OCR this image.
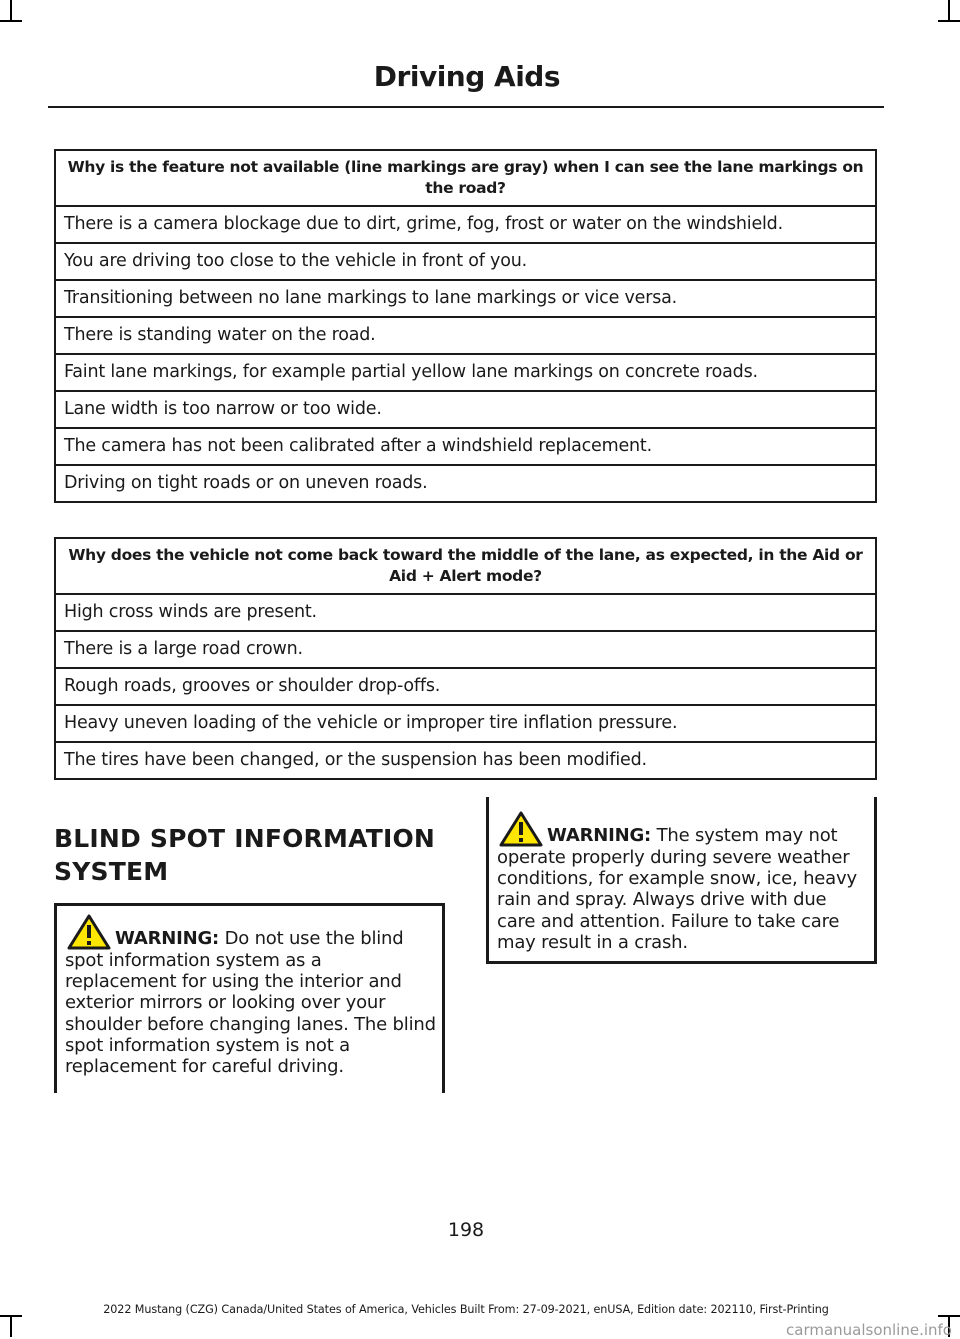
Driving Aids
Why is the feature not available (line markings are gray) when I can see the lane markings on the road?
There is a camera blockage due to dirt, grime, fog, frost or water on the windshield.
You are driving too close to the vehicle in front of you.
Transitioning between no lane markings to lane markings or vice versa.
There is standing water on the road.
Faint lane markings, for example partial yellow lane markings on concrete roads.
Lane width is too narrow or too wide.
The camera has not been calibrated after a windshield replacement.
Driving on tight roads or on uneven roads.
Why does the vehicle not come back toward the middle of the lane, as expected, in the Aid or Aid + Alert mode?
High cross winds are present.
There is a large road crown.
Rough roads, grooves or shoulder drop-offs.
Heavy uneven loading of the vehicle or improper tire inflation pressure.
The tires have been changed, or the suspension has been modified.
BLIND SPOT INFORMATION SYSTEM
WARNING: Do not use the blind spot information system as a replacement for using the interior and exterior mirrors or looking over your shoulder before changing lanes. The blind spot information system is not a replacement for careful driving.
WARNING: The system may not operate properly during severe weather conditions, for example snow, ice, heavy rain and spray. Always drive with due care and attention. Failure to take care may result in a crash.
198
2022 Mustang (CZG) Canada/United States of America, Vehicles Built From: 27-09-2021, enUSA, Edition date: 202110, First-Printing
carmanualsonline.info
